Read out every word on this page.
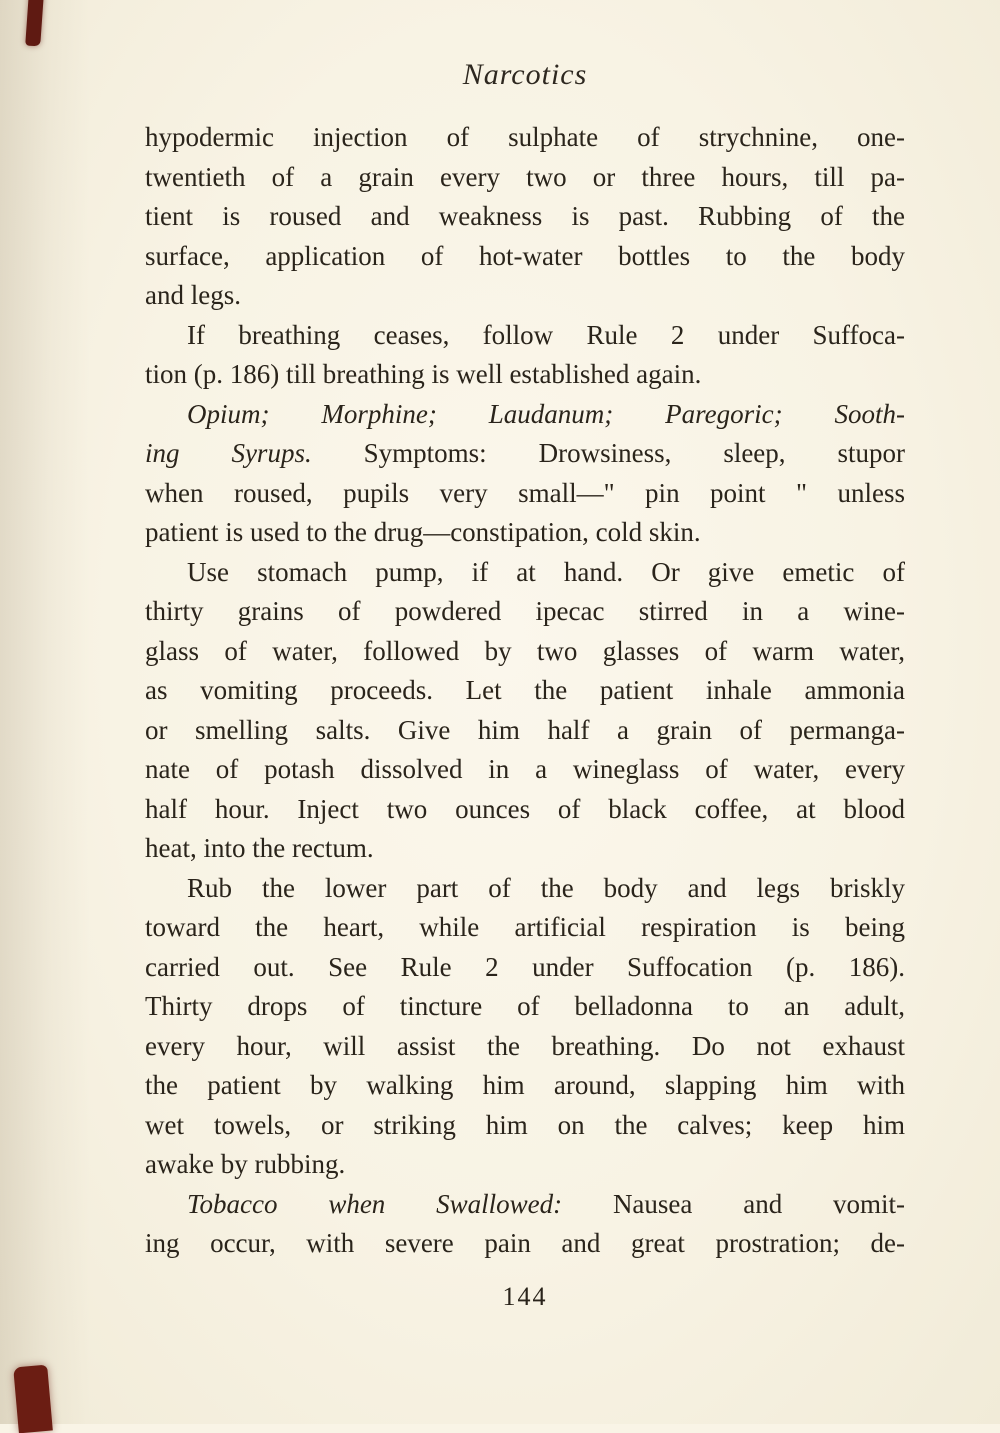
Narcotics
hypodermic injection of sulphate of strychnine, one-
twentieth of a grain every two or three hours, till pa-
tient is roused and weakness is past. Rubbing of the
surface, application of hot-water bottles to the body
and legs.
If breathing ceases, follow Rule 2 under Suffoca-
tion (p. 186) till breathing is well established again.
Opium; Morphine; Laudanum; Paregoric; Sooth-
ing Syrups. Symptoms: Drowsiness, sleep, stupor
when roused, pupils very small—" pin point " unless
patient is used to the drug—constipation, cold skin.
Use stomach pump, if at hand. Or give emetic of
thirty grains of powdered ipecac stirred in a wine-
glass of water, followed by two glasses of warm water,
as vomiting proceeds. Let the patient inhale ammonia
or smelling salts. Give him half a grain of permanga-
nate of potash dissolved in a wineglass of water, every
half hour. Inject two ounces of black coffee, at blood
heat, into the rectum.
Rub the lower part of the body and legs briskly
toward the heart, while artificial respiration is being
carried out. See Rule 2 under Suffocation (p. 186).
Thirty drops of tincture of belladonna to an adult,
every hour, will assist the breathing. Do not exhaust
the patient by walking him around, slapping him with
wet towels, or striking him on the calves; keep him
awake by rubbing.
Tobacco when Swallowed: Nausea and vomit-
ing occur, with severe pain and great prostration; de-
144
